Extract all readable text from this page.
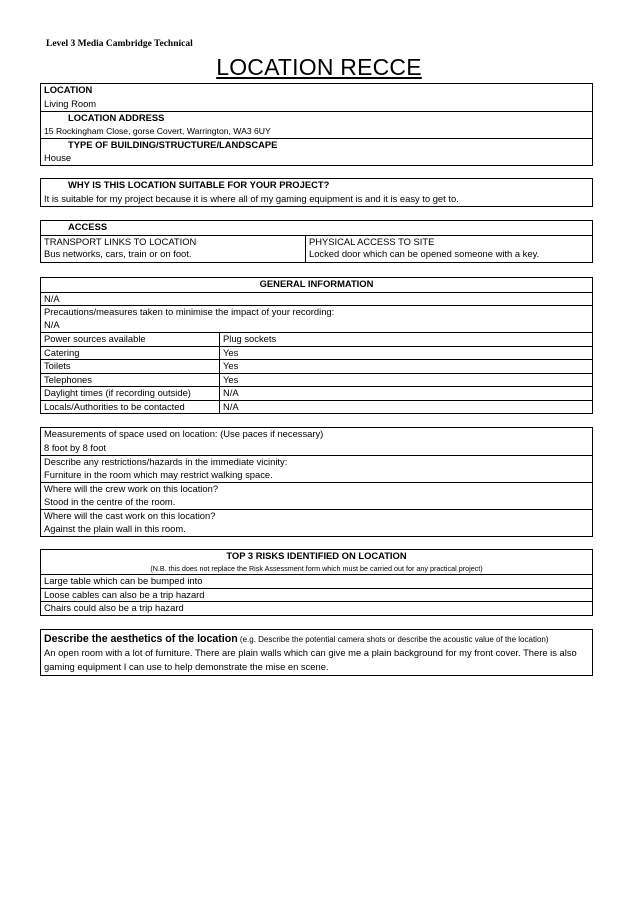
Level 3 Media Cambridge Technical
LOCATION RECCE
LOCATION
Living Room
LOCATION ADDRESS
15 Rockingham Close, gorse Covert, Warrington, WA3 6UY
TYPE OF BUILDING/STRUCTURE/LANDSCAPE
House
WHY IS THIS LOCATION SUITABLE FOR YOUR PROJECT?
It is suitable for my project because it is where all of my gaming equipment is and it is easy to get to.
ACCESS
TRANSPORT LINKS TO LOCATION	PHYSICAL ACCESS TO SITE
Bus networks, cars, train or on foot.	Locked door which can be opened someone with a key.
GENERAL INFORMATION
N/A
Precautions/measures taken to minimise the impact of your recording:
N/A
Power sources available	Plug sockets
Catering	Yes
Toilets	Yes
Telephones	Yes
Daylight times (if recording outside)	N/A
Locals/Authorities to be contacted	N/A
Measurements of space used on location: (Use paces if necessary)
8 foot by 8 foot
Describe any restrictions/hazards in the immediate vicinity:
Furniture in the room which may restrict walking space.
Where will the crew work on this location?
Stood in the centre of the room.
Where will the cast work on this location?
Against the plain wall in this room.
TOP 3 RISKS IDENTIFIED ON LOCATION
(N.B. this does not replace the Risk Assessment form which must be carried out for any practical project)
Large table which can be bumped into
Loose cables can also be a trip hazard
Chairs could also be a trip hazard
Describe the aesthetics of the location (e.g. Describe the potential camera shots or describe the acoustic value of the location)
An open room with a lot of furniture. There are plain walls which can give me a plain background for my front cover. There is also gaming equipment I can use to help demonstrate the mise en scene.
